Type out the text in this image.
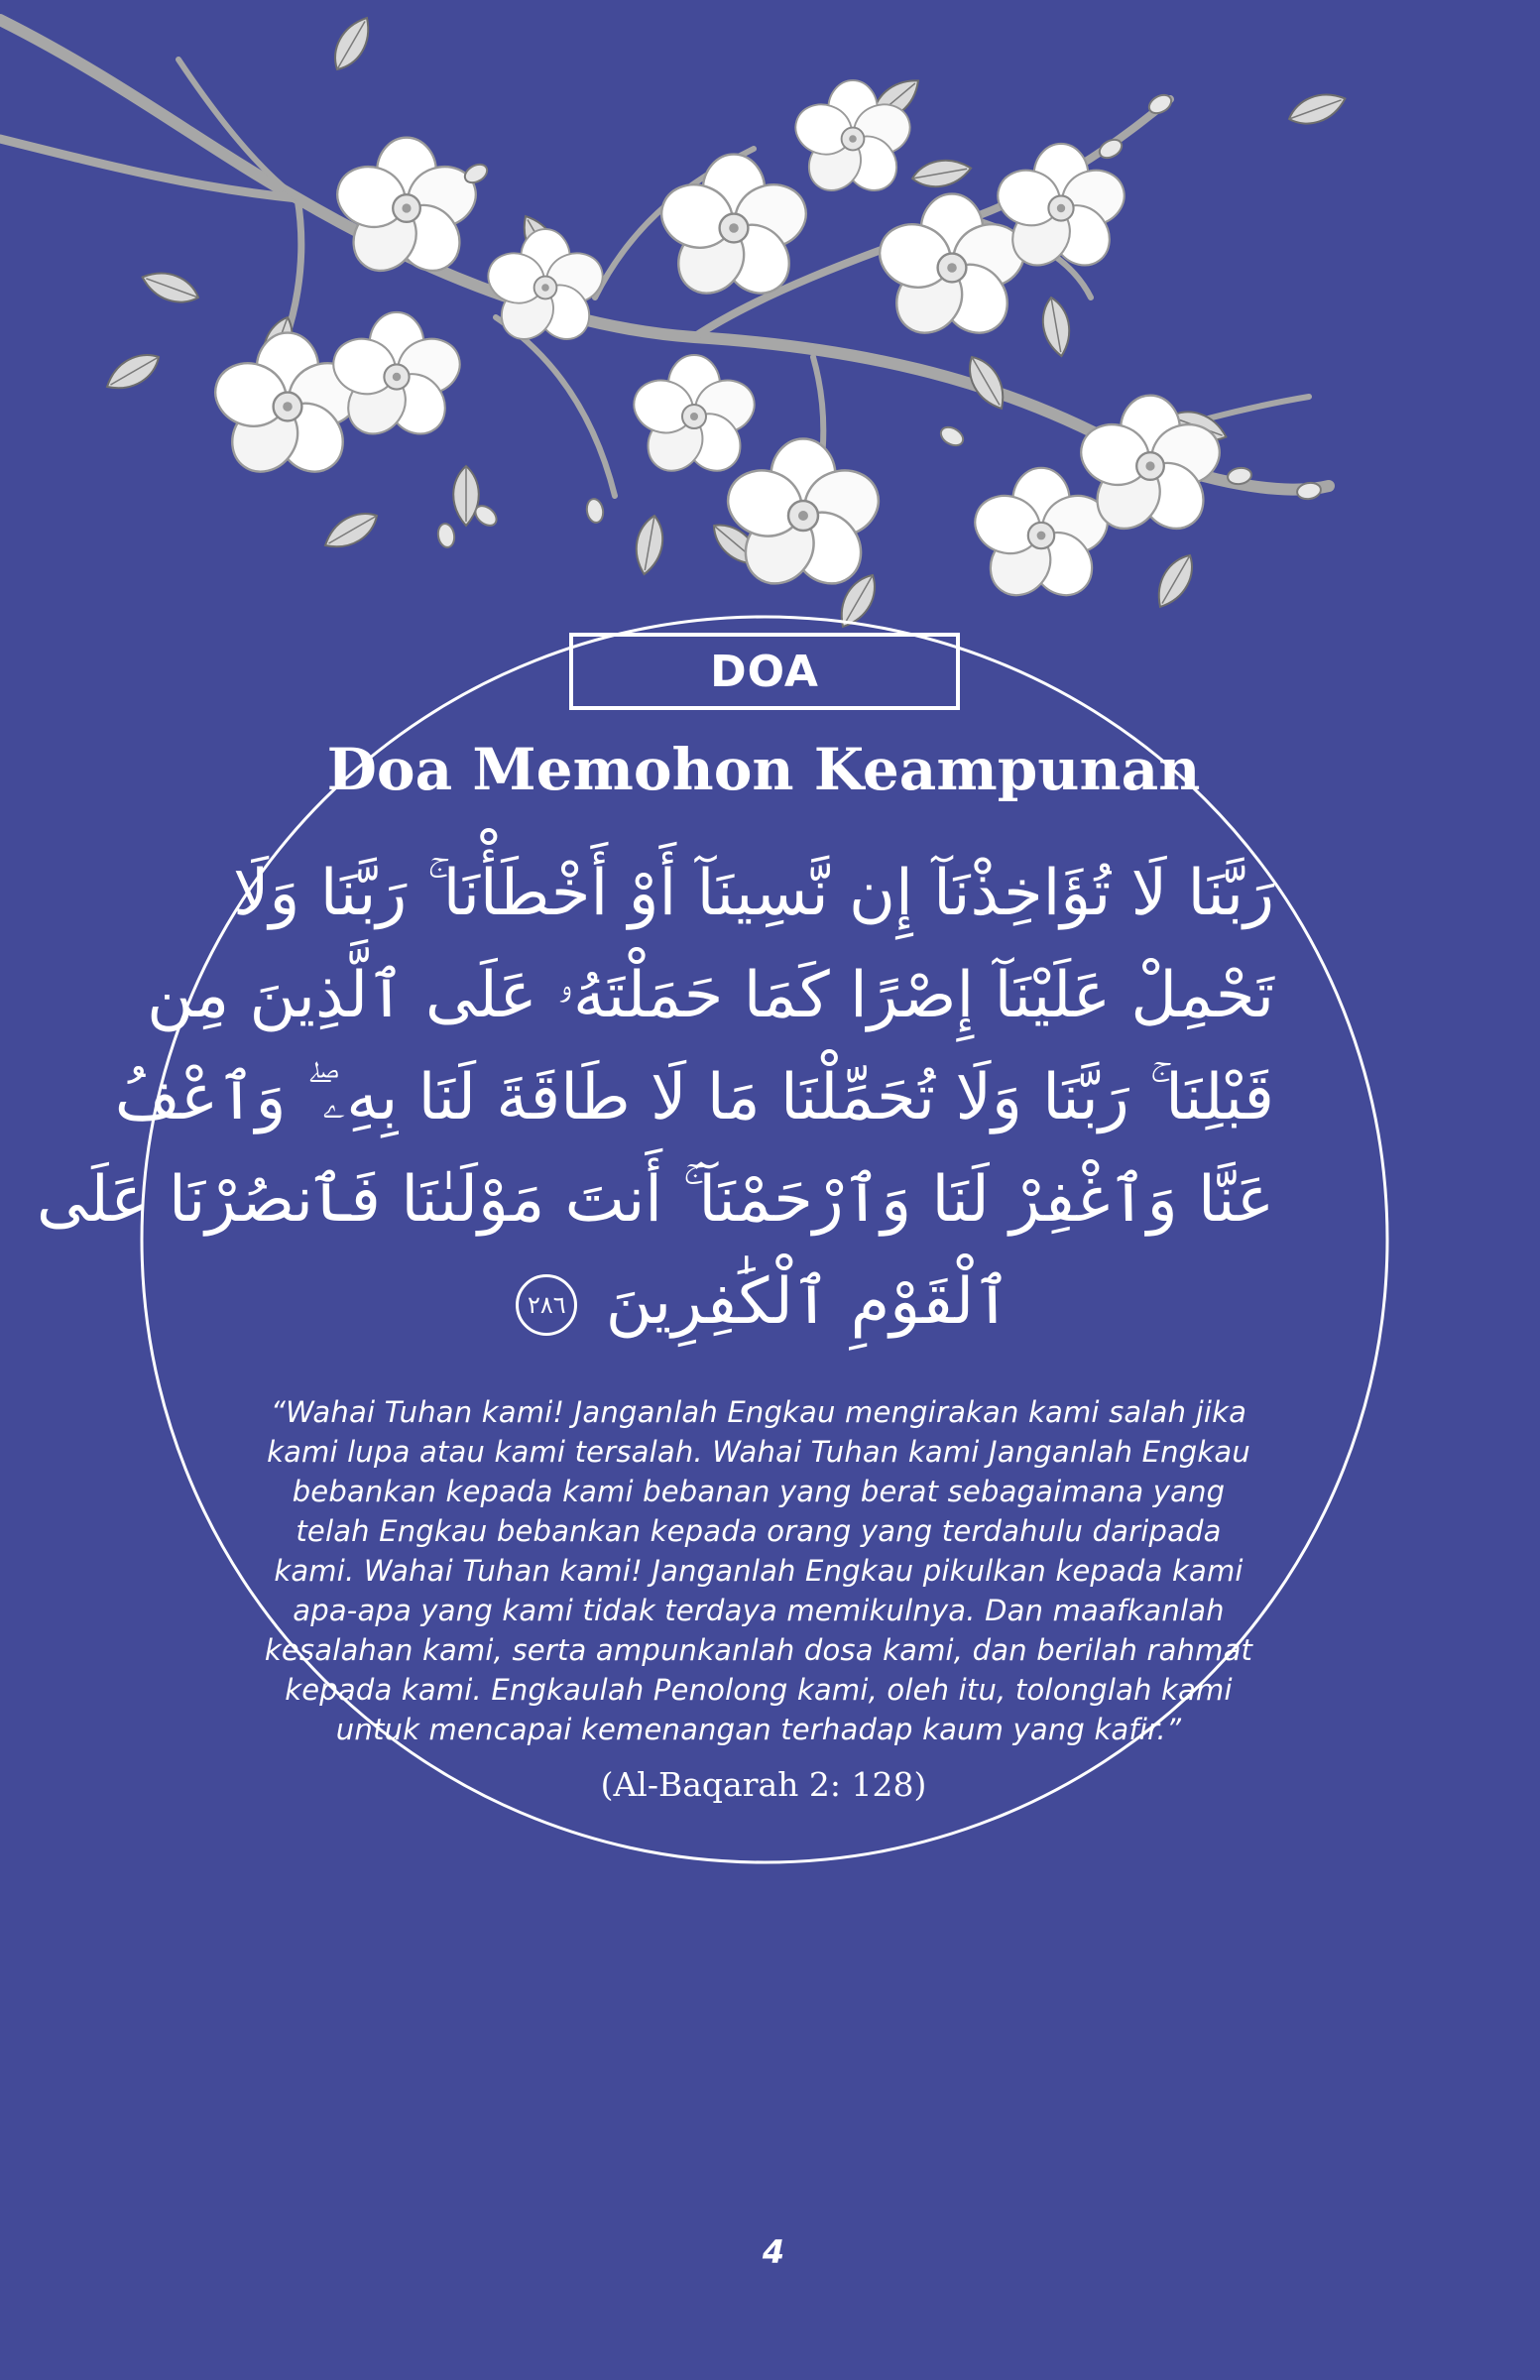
DOA
Doa Memohon Keampunan
رَبَّنَا لَا تُؤَاخِذْنَآ إِن نَّسِينَآ أَوْ أَخْطَأْنَا ۚ رَبَّنَا وَلَا
تَحْمِلْ عَلَيْنَآ إِصْرًا كَمَا حَمَلْتَهُۥ عَلَى ٱلَّذِينَ مِن
قَبْلِنَا ۚ رَبَّنَا وَلَا تُحَمِّلْنَا مَا لَا طَاقَةَ لَنَا بِهِۦ ۖ وَٱعْفُ
عَنَّا وَٱغْفِرْ لَنَا وَٱرْحَمْنَآ ۚ أَنتَ مَوْلَىٰنَا فَٱنصُرْنَا عَلَى
ٱلْقَوْمِ ٱلْكَٰفِرِينَ ٢٨٦
“Wahai Tuhan kami! Janganlah Engkau mengirakan kami salah jika
kami lupa atau kami tersalah. Wahai Tuhan kami Janganlah Engkau
bebankan kepada kami bebanan yang berat sebagaimana yang
telah Engkau bebankan kepada orang yang terdahulu daripada
kami. Wahai Tuhan kami! Janganlah Engkau pikulkan kepada kami
apa-apa yang kami tidak terdaya memikulnya. Dan maafkanlah
kesalahan kami, serta ampunkanlah dosa kami, dan berilah rahmat
kepada kami. Engkaulah Penolong kami, oleh itu, tolonglah kami
untuk mencapai kemenangan terhadap kaum yang kafir.”
(Al-Baqarah 2: 128)
4
